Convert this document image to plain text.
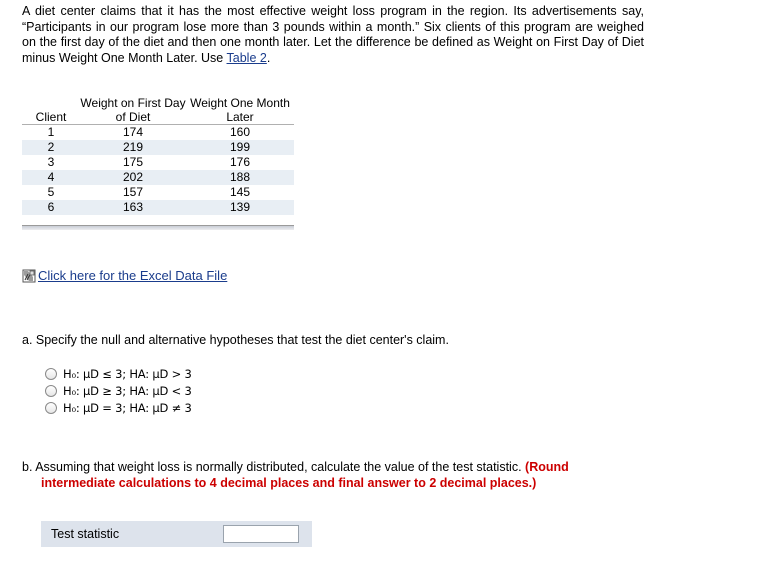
A diet center claims that it has the most effective weight loss program in the region. Its advertisements say, “Participants in our program lose more than 3 pounds within a month.” Six clients of this program are weighed on the first day of the diet and then one month later. Let the difference be defined as Weight on First Day of Diet minus Weight One Month Later. Use Table 2.
Client	Weight on First Day of Diet	Weight One Month Later
1	174	160
2	219	199
3	175	176
4	202	188
5	157	145
6	163	139
Click here for the Excel Data File
a. Specify the null and alternative hypotheses that test the diet center's claim.
H₀: μD ≤ 3; HA: μD > 3
H₀: μD ≥ 3; HA: μD < 3
H₀: μD = 3; HA: μD ≠ 3
b. Assuming that weight loss is normally distributed, calculate the value of the test statistic. (Round
intermediate calculations to 4 decimal places and final answer to 2 decimal places.)
Test statistic
